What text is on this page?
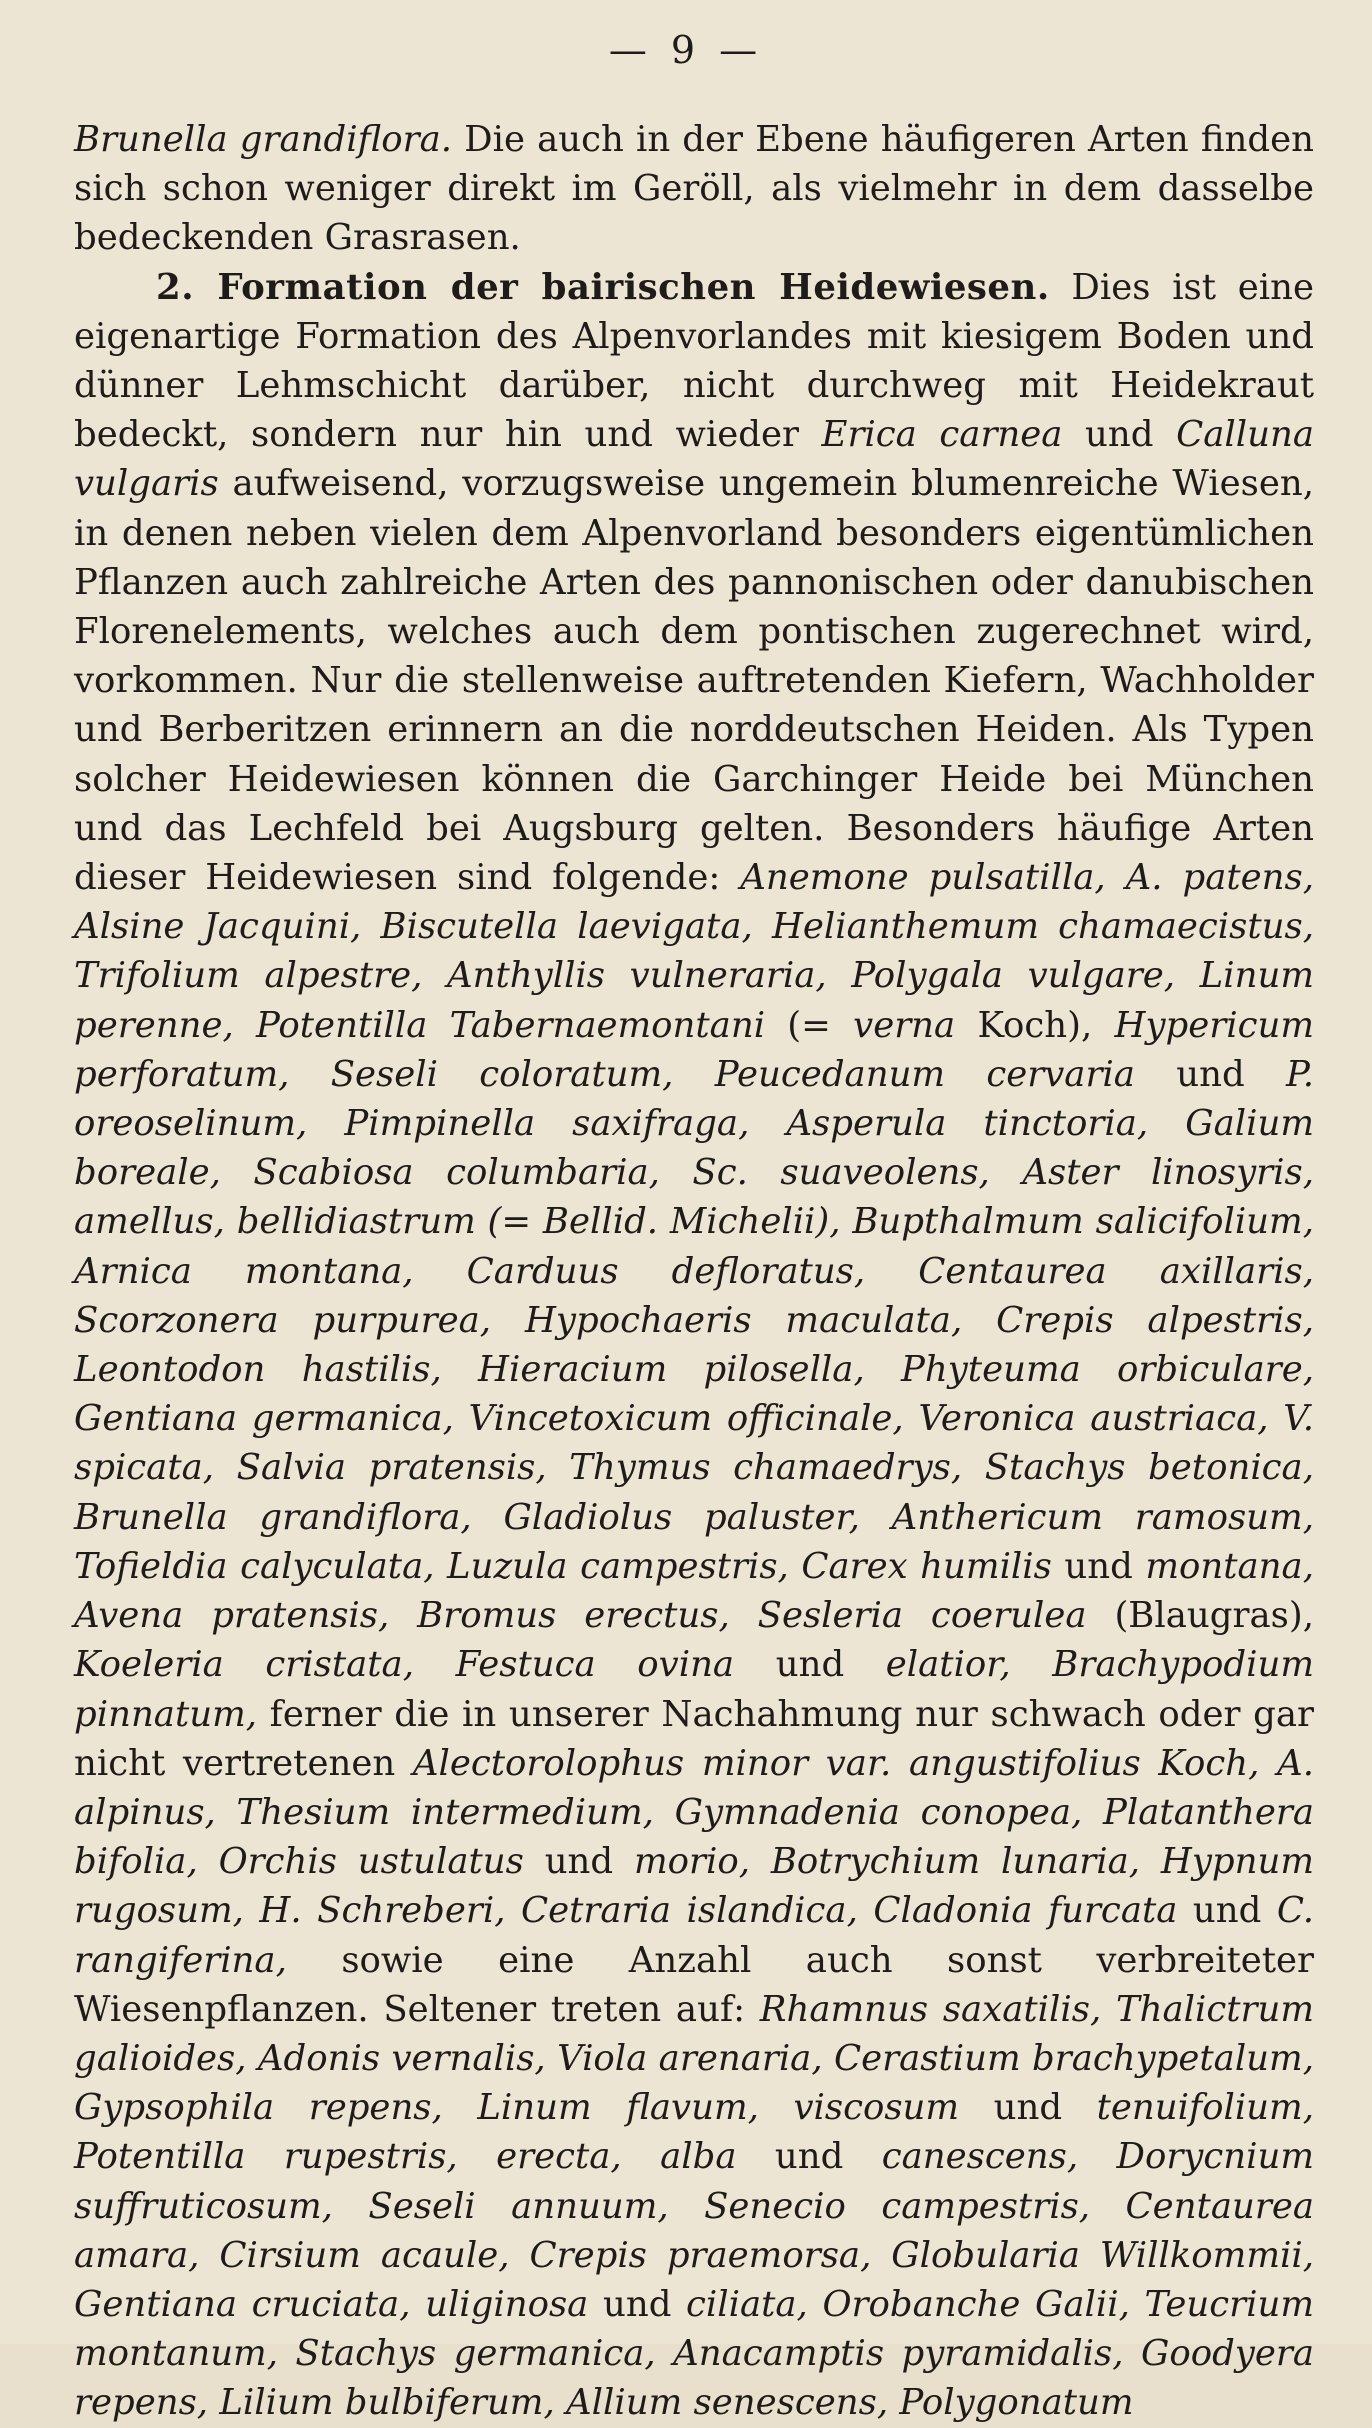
— 9 —

Brunella grandiflora. Die auch in der Ebene häufigeren Arten finden sich schon weniger direkt im Geröll, als vielmehr in dem dasselbe bedeckenden Grasrasen.

2. Formation der bairischen Heidewiesen. Dies ist eine eigenartige Formation des Alpenvorlandes mit kiesigem Boden und dünner Lehmschicht darüber, nicht durchweg mit Heidekraut bedeckt, sondern nur hin und wieder Erica carnea und Calluna vulgaris aufweisend, vorzugsweise ungemein blumenreiche Wiesen, in denen neben vielen dem Alpenvorland besonders eigentümlichen Pflanzen auch zahlreiche Arten des pannonischen oder danubischen Florenelements, welches auch dem pontischen zugerechnet wird, vorkommen. Nur die stellenweise auftretenden Kiefern, Wachholder und Berberitzen erinnern an die norddeutschen Heiden. Als Typen solcher Heidewiesen können die Garchinger Heide bei München und das Lechfeld bei Augsburg gelten. Besonders häufige Arten dieser Heidewiesen sind folgende: Anemone pulsatilla, A. patens, Alsine Jacquini, Biscutella laevigata, Helianthemum chamaecistus, Trifolium alpestre, Anthyllis vulneraria, Polygala vulgare, Linum perenne, Potentilla Tabernaemontani (= verna Koch), Hypericum perforatum, Seseli coloratum, Peucedanum cervaria und P. oreoselinum, Pimpinella saxifraga, Asperula tinctoria, Galium boreale, Scabiosa columbaria, Sc. suaveolens, Aster linosyris, amellus, bellidiastrum (= Bellid. Michelii), Bupthalmum salicifolium, Arnica montana, Carduus defloratus, Centaurea axillaris, Scorzonera purpurea, Hypochaeris maculata, Crepis alpestris, Leontodon hastilis, Hieracium pilosella, Phyteuma orbiculare, Gentiana germanica, Vincetoxicum officinale, Veronica austriaca, V. spicata, Salvia pratensis, Thymus chamaedrys, Stachys betonica, Brunella grandiflora, Gladiolus paluster, Anthericum ramosum, Tofieldia calyculata, Luzula campestris, Carex humilis und montana, Avena pratensis, Bromus erectus, Sesleria coerulea (Blaugras), Koeleria cristata, Festuca ovina und elatior, Brachypodium pinnatum, ferner die in unserer Nachahmung nur schwach oder gar nicht vertretenen Alectorolophus minor var. angustifolius Koch, A. alpinus, Thesium intermedium, Gymnadenia conopea, Platanthera bifolia, Orchis ustulatus und morio, Botrychium lunaria, Hypnum rugosum, H. Schreberi, Cetraria islandica, Cladonia furcata und C. rangiferina, sowie eine Anzahl auch sonst verbreiteter Wiesenpflanzen. Seltener treten auf: Rhamnus saxatilis, Thalictrum galioides, Adonis vernalis, Viola arenaria, Cerastium brachypetalum, Gypsophila repens, Linum flavum, viscosum und tenuifolium, Potentilla rupestris, erecta, alba und canescens, Dorycnium suffruticosum, Seseli annuum, Senecio campestris, Centaurea amara, Cirsium acaule, Crepis praemorsa, Globularia Willkommii, Gentiana cruciata, uliginosa und ciliata, Orobanche Galii, Teucrium montanum, Stachys germanica, Anacamptis pyramidalis, Goodyera repens, Lilium bulbiferum, Allium senescens, Polygonatum
